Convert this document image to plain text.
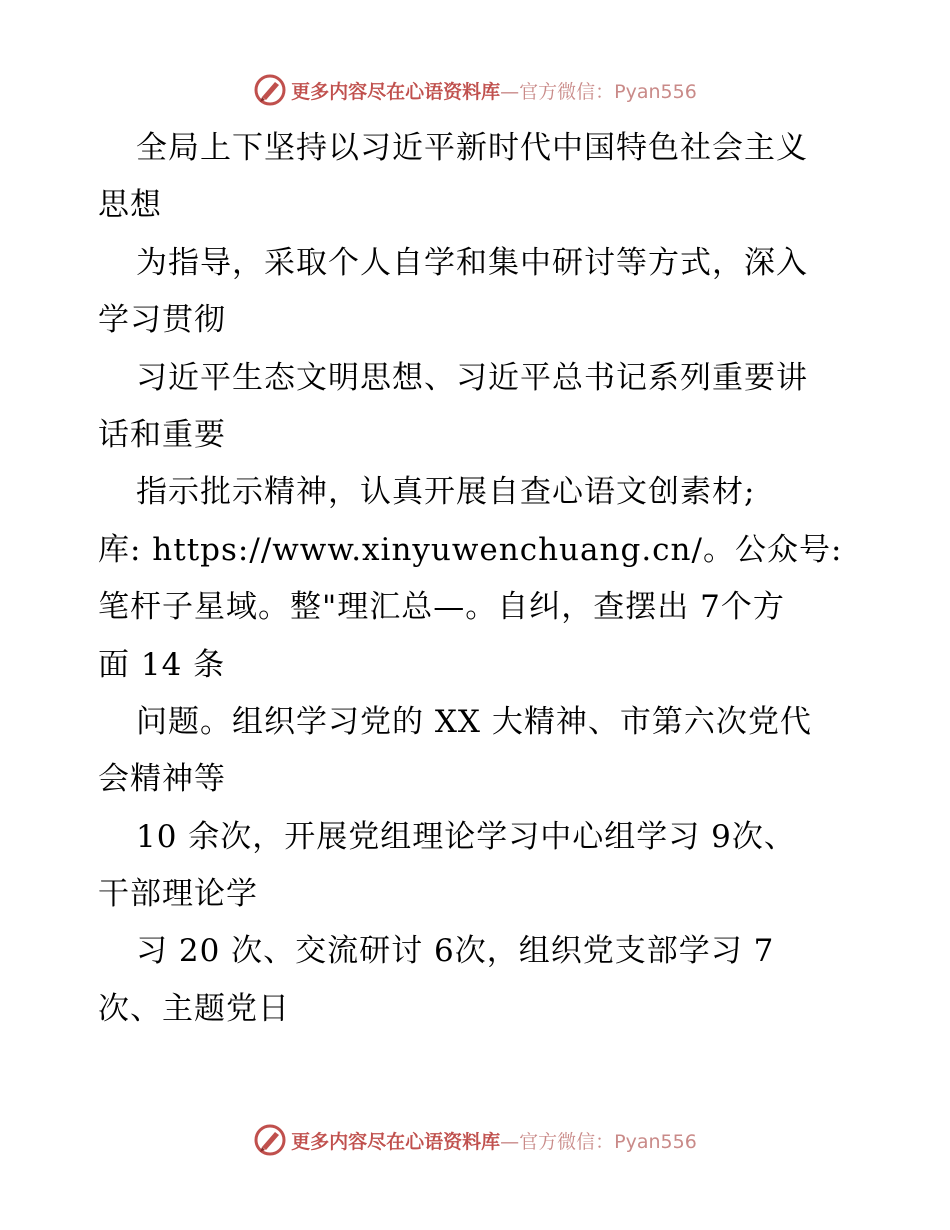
更多内容尽在心语资料库—官方微信：Pyan556
全局上下坚持以习近平新时代中国特色社会主义
思想
为指导，采取个人自学和集中研讨等方式，深入
学习贯彻
习近平生态文明思想、习近平总书记系列重要讲
话和重要
指示批示精神，认真开展自查心语文创素材;
库: https://www.xinyuwenchuang.cn/。公众号:
笔杆子星域。整"理汇总—。自纠，查摆出 7个方
面 14 条
问题。组织学习党的 XX 大精神、市第六次党代
会精神等
10 余次，开展党组理论学习中心组学习 9次、
干部理论学
习 20 次、交流研讨 6次，组织党支部学习 7
次、主题党日
更多内容尽在心语资料库—官方微信：Pyan556
